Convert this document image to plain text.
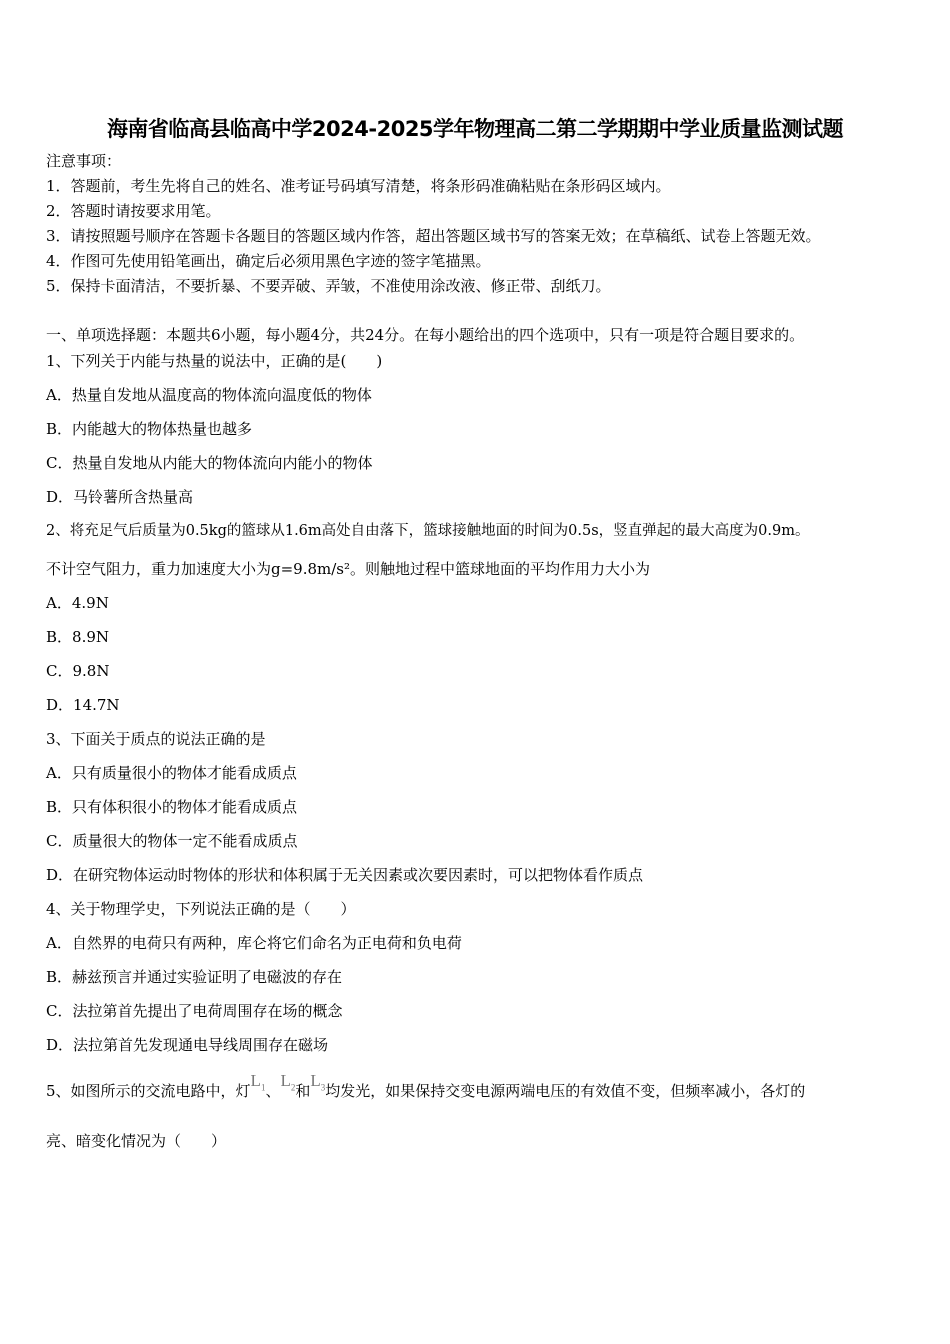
海南省临高县临高中学2024-2025学年物理高二第二学期期中学业质量监测试题
注意事项：
1．答题前，考生先将自己的姓名、准考证号码填写清楚，将条形码准确粘贴在条形码区域内。
2．答题时请按要求用笔。
3．请按照题号顺序在答题卡各题目的答题区域内作答，超出答题区域书写的答案无效；在草稿纸、试卷上答题无效。
4．作图可先使用铅笔画出，确定后必须用黑色字迹的签字笔描黑。
5．保持卡面清洁，不要折暴、不要弄破、弄皱，不准使用涂改液、修正带、刮纸刀。
一、单项选择题：本题共6小题，每小题4分，共24分。在每小题给出的四个选项中，只有一项是符合题目要求的。
1、下列关于内能与热量的说法中，正确的是(　　)
A．热量自发地从温度高的物体流向温度低的物体
B．内能越大的物体热量也越多
C．热量自发地从内能大的物体流向内能小的物体
D．马铃薯所含热量高
2、将充足气后质量为0.5kg的篮球从1.6m高处自由落下，篮球接触地面的时间为0.5s，竖直弹起的最大高度为0.9m。
不计空气阻力，重力加速度大小为g=9.8m/s²。则触地过程中篮球地面的平均作用力大小为
A．4.9N
B．8.9N
C．9.8N
D．14.7N
3、下面关于质点的说法正确的是
A．只有质量很小的物体才能看成质点
B．只有体积很小的物体才能看成质点
C．质量很大的物体一定不能看成质点
D．在研究物体运动时物体的形状和体积属于无关因素或次要因素时，可以把物体看作质点
4、关于物理学史，下列说法正确的是（　　）
A．自然界的电荷只有两种，库仑将它们命名为正电荷和负电荷
B．赫兹预言并通过实验证明了电磁波的存在
C．法拉第首先提出了电荷周围存在场的概念
D．法拉第首先发现通电导线周围存在磁场
5、如图所示的交流电路中，灯$L_1$、$L_2$和$L_3$均发光，如果保持交变电源两端电压的有效值不变，但频率减小，各灯的
亮、暗变化情况为（　　）
